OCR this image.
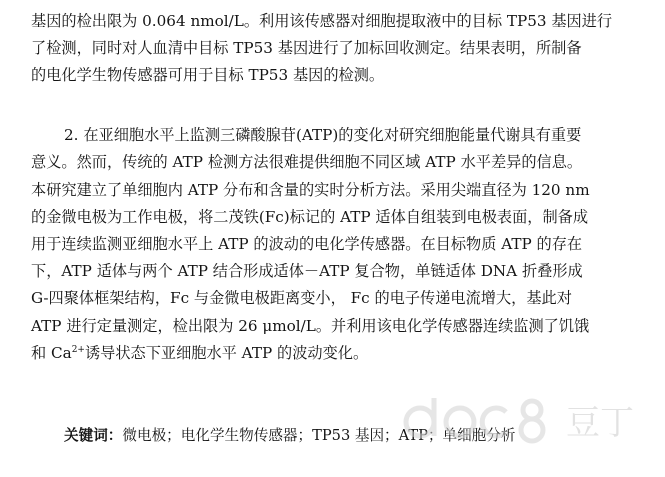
基因的检出限为 0.064 nmol/L。利用该传感器对细胞提取液中的目标 TP53 基因进行
了检测，同时对人血清中目标 TP53 基因进行了加标回收测定。结果表明，所制备
的电化学生物传感器可用于目标 TP53 基因的检测。
2. 在亚细胞水平上监测三磷酸腺苷(ATP)的变化对研究细胞能量代谢具有重要
意义。然而，传统的 ATP 检测方法很难提供细胞不同区域 ATP 水平差异的信息。
本研究建立了单细胞内 ATP 分布和含量的实时分析方法。采用尖端直径为 120 nm
的金微电极为工作电极，将二茂铁(Fc)标记的 ATP 适体自组装到电极表面，制备成
用于连续监测亚细胞水平上 ATP 的波动的电化学传感器。在目标物质 ATP 的存在
下，ATP 适体与两个 ATP 结合形成适体－ATP 复合物，单链适体 DNA 折叠形成
G-四聚体框架结构，Fc 与金微电极距离变小， Fc 的电子传递电流增大，基此对
ATP 进行定量测定，检出限为 26 μmol/L。并利用该电化学传感器连续监测了饥饿
和 $Ca^{2+}$诱导状态下亚细胞水平 ATP 的波动变化。
关键词：微电极；电化学生物传感器；TP53 基因；ATP；单细胞分析 豆丁
